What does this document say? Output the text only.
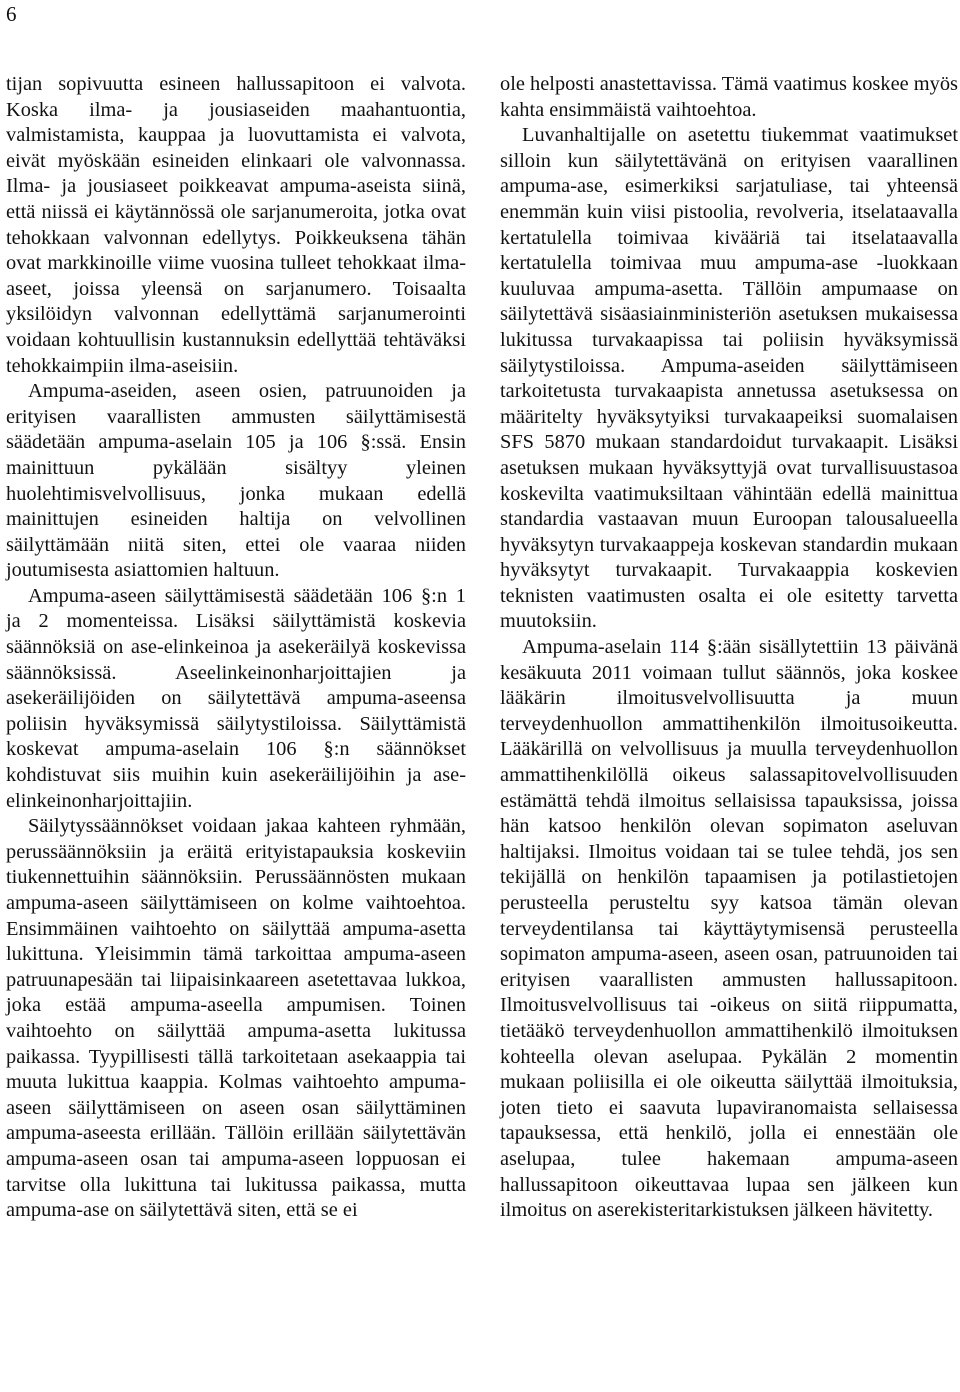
6

tijan sopivuutta esineen hallussapitoon ei valvota. Koska ilma- ja jousiaseiden maahantuontia, valmistamista, kauppaa ja luovuttamista ei valvota, eivät myöskään esineiden elinkaari ole valvonnassa. Ilma- ja jousiaseet poikkeavat ampuma-aseista siinä, että niissä ei käytännössä ole sarjanumeroita, jotka ovat tehokkaan valvonnan edellytys. Poikkeuksena tähän ovat markkinoille viime vuosina tulleet tehokkaat ilma-aseet, joissa yleensä on sarjanumero. Toisaalta yksilöidyn valvonnan edellyttämä sarjanumerointi voidaan kohtuullisin kustannuksin edellyttää tehtäväksi tehokkaimpiin ilma-aseisiin.

Ampuma-aseiden, aseen osien, patruunoiden ja erityisen vaarallisten ammusten säilyttämisestä säädetään ampuma-aselain 105 ja 106 §:ssä. Ensin mainittuun pykälään sisältyy yleinen huolehtimisvelvollisuus, jonka mukaan edellä mainittujen esineiden haltija on velvollinen säilyttämään niitä siten, ettei ole vaaraa niiden joutumisesta asiattomien haltuun.

Ampuma-aseen säilyttämisestä säädetään 106 §:n 1 ja 2 momenteissa. Lisäksi säilyttämistä koskevia säännöksiä on ase-elinkeinoa ja asekeräilyä koskevissa säännöksissä. Aseelinkeinonharjoittajien ja asekeräilijöiden on säilytettävä ampuma-aseensa poliisin hyväksymissä säilytystiloissa. Säilyttämistä koskevat ampuma-aselain 106 §:n säännökset kohdistuvat siis muihin kuin asekeräilijöihin ja ase-elinkeinonharjoittajiin.

Säilytyssäännökset voidaan jakaa kahteen ryhmään, perussäännöksiin ja eräitä erityistapauksia koskeviin tiukennettuihin säännöksiin. Perussäännösten mukaan ampuma-aseen säilyttämiseen on kolme vaihtoehtoa. Ensimmäinen vaihtoehto on säilyttää ampuma-asetta lukittuna. Yleisimmin tämä tarkoittaa ampuma-aseen patruunapesään tai liipaisinkaareen asetettavaa lukkoa, joka estää ampuma-aseella ampumisen. Toinen vaihtoehto on säilyttää ampuma-asetta lukitussa paikassa. Tyypillisesti tällä tarkoitetaan asekaappia tai muuta lukittua kaappia. Kolmas vaihtoehto ampuma-aseen säilyttämiseen on aseen osan säilyttäminen ampuma-aseesta erillään. Tällöin erillään säilytettävän ampuma-aseen osan tai ampuma-aseen loppuosan ei tarvitse olla lukittuna tai lukitussa paikassa, mutta ampuma-ase on säilytettävä siten, että se ei

ole helposti anastettavissa. Tämä vaatimus koskee myös kahta ensimmäistä vaihtoehtoa.

Luvanhaltijalle on asetettu tiukemmat vaatimukset silloin kun säilytettävänä on erityisen vaarallinen ampuma-ase, esimerkiksi sarjatuliase, tai yhteensä enemmän kuin viisi pistoolia, revolveria, itselataavalla kertatulella toimivaa kivääriä tai itselataavalla kertatulella toimivaa muu ampuma-ase -luokkaan kuuluvaa ampuma-asetta. Tällöin ampumaase on säilytettävä sisäasiainministeriön asetuksen mukaisessa lukitussa turvakaapissa tai poliisin hyväksymissä säilytystiloissa. Ampuma-aseiden säilyttämiseen tarkoitetusta turvakaapista annetussa asetuksessa on määritelty hyväksytyiksi turvakaapeiksi suomalaisen SFS 5870 mukaan standardoidut turvakaapit. Lisäksi asetuksen mukaan hyväksyttyjä ovat turvallisuustasoa koskevilta vaatimuksiltaan vähintään edellä mainittua standardia vastaavan muun Euroopan talousalueella hyväksytyn turvakaappeja koskevan standardin mukaan hyväksytyt turvakaapit. Turvakaappia koskevien teknisten vaatimusten osalta ei ole esitetty tarvetta muutoksiin.

Ampuma-aselain 114 §:ään sisällytettiin 13 päivänä kesäkuuta 2011 voimaan tullut säännös, joka koskee lääkärin ilmoitusvelvollisuutta ja muun terveydenhuollon ammattihenkilön ilmoitusoikeutta. Lääkärillä on velvollisuus ja muulla terveydenhuollon ammattihenkilöllä oikeus salassapitovelvollisuuden estämättä tehdä ilmoitus sellaisissa tapauksissa, joissa hän katsoo henkilön olevan sopimaton aseluvan haltijaksi. Ilmoitus voidaan tai se tulee tehdä, jos sen tekijällä on henkilön tapaamisen ja potilastietojen perusteella perusteltu syy katsoa tämän olevan terveydentilansa tai käyttäytymisensä perusteella sopimaton ampuma-aseen, aseen osan, patruunoiden tai erityisen vaarallisten ammusten hallussapitoon. Ilmoitusvelvollisuus tai -oikeus on siitä riippumatta, tietääkö terveydenhuollon ammattihenkilö ilmoituksen kohteella olevan aselupaa. Pykälän 2 momentin mukaan poliisilla ei ole oikeutta säilyttää ilmoituksia, joten tieto ei saavuta lupaviranomaista sellaisessa tapauksessa, että henkilö, jolla ei ennestään ole aselupaa, tulee hakemaan ampuma-aseen hallussapitoon oikeuttavaa lupaa sen jälkeen kun ilmoitus on aserekisteritarkistuksen jälkeen hävitetty.
